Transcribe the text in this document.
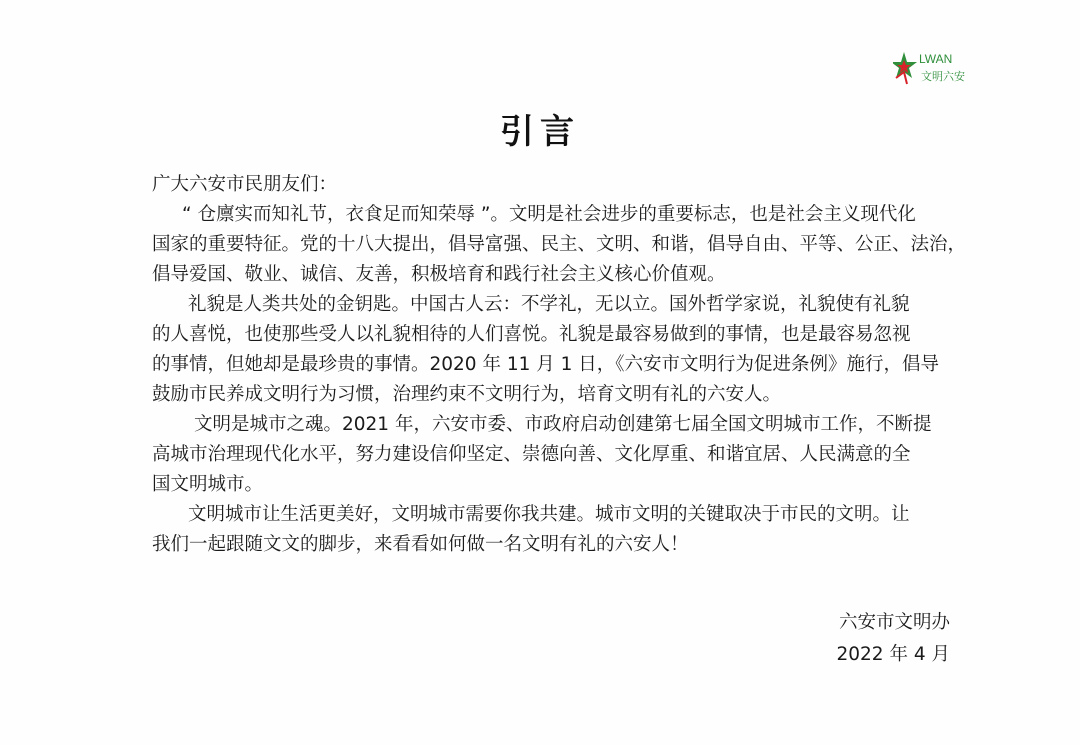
LWAN
文明六安
引言

广大六安市民朋友们：

“ 仓廪实而知礼节，衣食足而知荣辱 ”。文明是社会进步的重要标志，也是社会主义现代化
国家的重要特征。党的十八大提出，倡导富强、民主、文明、和谐，倡导自由、平等、公正、法治，
倡导爱国、敬业、诚信、友善，积极培育和践行社会主义核心价值观。

礼貌是人类共处的金钥匙。中国古人云：不学礼，无以立。国外哲学家说，礼貌使有礼貌
的人喜悦，也使那些受人以礼貌相待的人们喜悦。礼貌是最容易做到的事情，也是最容易忽视
的事情，但她却是最珍贵的事情。2020 年 11 月 1 日，《六安市文明行为促进条例》施行，倡导
鼓励市民养成文明行为习惯，治理约束不文明行为，培育文明有礼的六安人。

文明是城市之魂。2021 年，六安市委、市政府启动创建第七届全国文明城市工作，不断提
高城市治理现代化水平，努力建设信仰坚定、崇德向善、文化厚重、和谐宜居、人民满意的全
国文明城市。

文明城市让生活更美好，文明城市需要你我共建。城市文明的关键取决于市民的文明。让
我们一起跟随文文的脚步，来看看如何做一名文明有礼的六安人！

六安市文明办
2022 年 4 月
